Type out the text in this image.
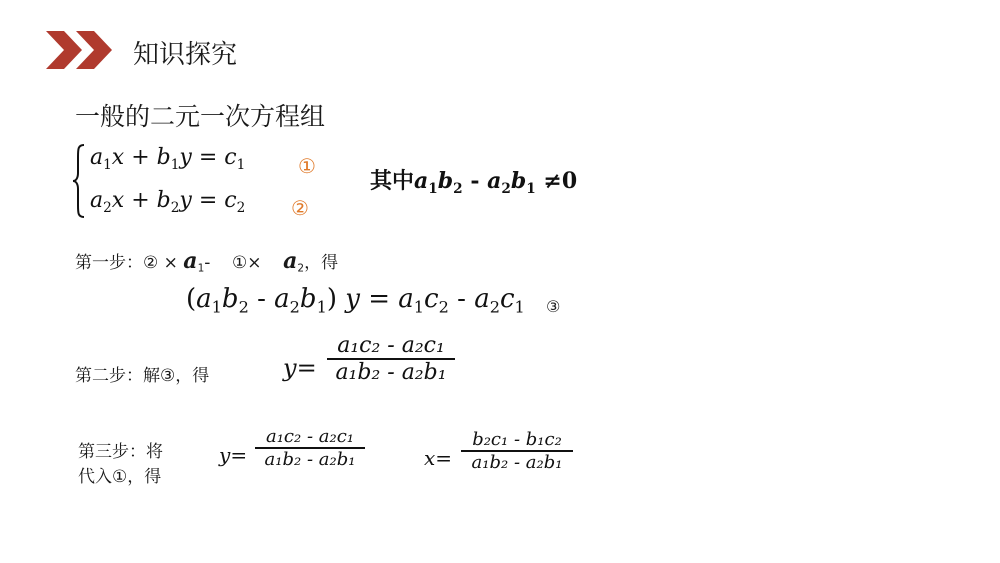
知识探究
一般的二元一次方程组
$a_1x + b_1y = c_1$
$a_2x + b_2y = c_2$
①
②
其中$a_1b_2 - a_2b_1 \ne 0$
第一步：② × $a_1-$ ①× $a_2$，得
$(a_1b_2 - a_2b_1) y = a_1c_2 - a_2c_1$ ③
第二步：解③，得	y=
a₁c₂ - a₂c₁
a₁b₂ - a₂b₁
第三步：将
代入①，得
y=
a₁c₂ - a₂c₁
a₁b₂ - a₂b₁	x=
b₂c₁ - b₁c₂
a₁b₂ - a₂b₁
